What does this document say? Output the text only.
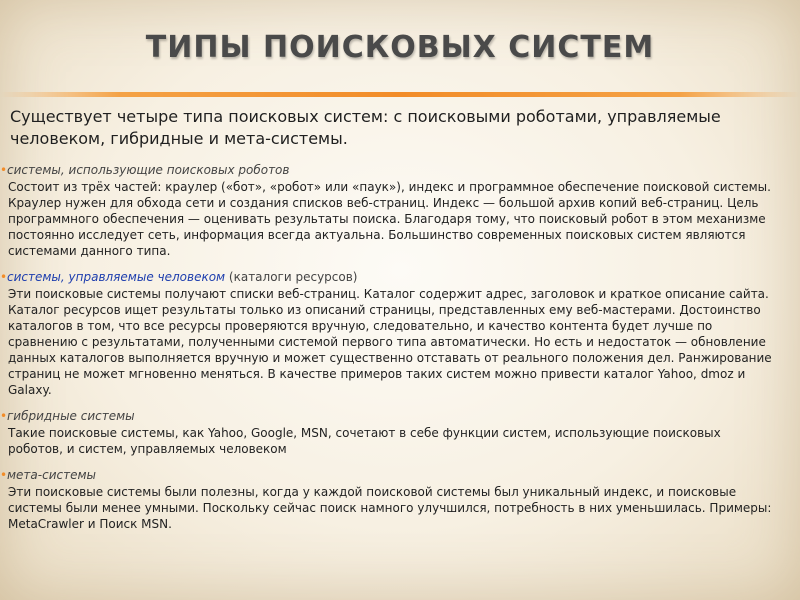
ТИПЫ ПОИСКОВЫХ СИСТЕМ
Существует четыре типа поисковых систем: с поисковыми роботами, управляемые человеком, гибридные и мета-системы.
• системы, использующие поисковых роботов
Состоит из трёх частей: краулер («бот», «робот» или «паук»), индекс и программное обеспечение поисковой системы. Краулер нужен для обхода сети и создания списков веб-страниц. Индекс — большой архив копий веб-страниц. Цель программного обеспечения — оценивать результаты поиска. Благодаря тому, что поисковый робот в этом механизме постоянно исследует сеть, информация всегда актуальна. Большинство современных поисковых систем являются системами данного типа.
• системы, управляемые человеком (каталоги ресурсов)
Эти поисковые системы получают списки веб-страниц. Каталог содержит адрес, заголовок и краткое описание сайта. Каталог ресурсов ищет результаты только из описаний страницы, представленных ему веб-мастерами. Достоинство каталогов в том, что все ресурсы проверяются вручную, следовательно, и качество контента будет лучше по сравнению с результатами, полученными системой первого типа автоматически. Но есть и недостаток — обновление данных каталогов выполняется вручную и может существенно отставать от реального положения дел. Ранжирование страниц не может мгновенно меняться. В качестве примеров таких систем можно привести каталог Yahoo, dmoz и Galaxy.
• гибридные системы
Такие поисковые системы, как Yahoo, Google, MSN, сочетают в себе функции систем, использующие поисковых роботов, и систем, управляемых человеком
• мета-системы
Эти поисковые системы были полезны, когда у каждой поисковой системы был уникальный индекс, и поисковые системы были менее умными. Поскольку сейчас поиск намного улучшился, потребность в них уменьшилась. Примеры: MetaCrawler и Поиск MSN.
